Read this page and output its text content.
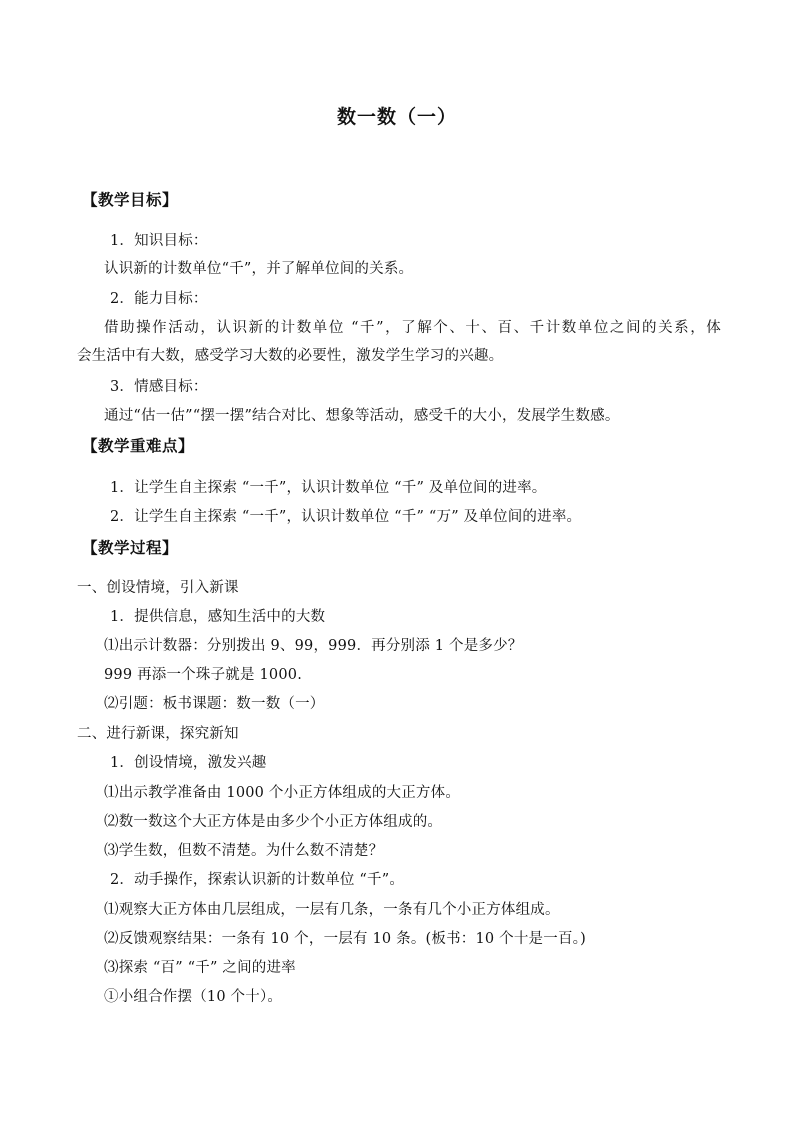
数一数（一）
【教学目标】
1．知识目标：
认识新的计数单位“千”，并了解单位间的关系。
2．能力目标：
借助操作活动，认识新的计数单位 “千”，了解个、十、百、千计数单位之间的关系，体
会生活中有大数，感受学习大数的必要性，激发学生学习的兴趣。
3．情感目标：
通过“估一估”“摆一摆”结合对比、想象等活动，感受千的大小，发展学生数感。
【教学重难点】
1．让学生自主探索 “一千”，认识计数单位 “千” 及单位间的进率。
2．让学生自主探索 “一千”，认识计数单位 “千” “万” 及单位间的进率。
【教学过程】
一、创设情境，引入新课
1．提供信息，感知生活中的大数
⑴出示计数器：分别拨出 9、99，999．再分别添 1 个是多少？
999 再添一个珠子就是 1000.
⑵引题：板书课题：数一数（一）
二、进行新课，探究新知
1．创设情境，激发兴趣
⑴出示教学准备由 1000 个小正方体组成的大正方体。
⑵数一数这个大正方体是由多少个小正方体组成的。
⑶学生数，但数不清楚。为什么数不清楚？
2．动手操作，探索认识新的计数单位 “千”。
⑴观察大正方体由几层组成，一层有几条，一条有几个小正方体组成。
⑵反馈观察结果：一条有 10 个，一层有 10 条。(板书：10 个十是一百。)
⑶探索 “百” “千” 之间的进率
①小组合作摆（10 个十）。
